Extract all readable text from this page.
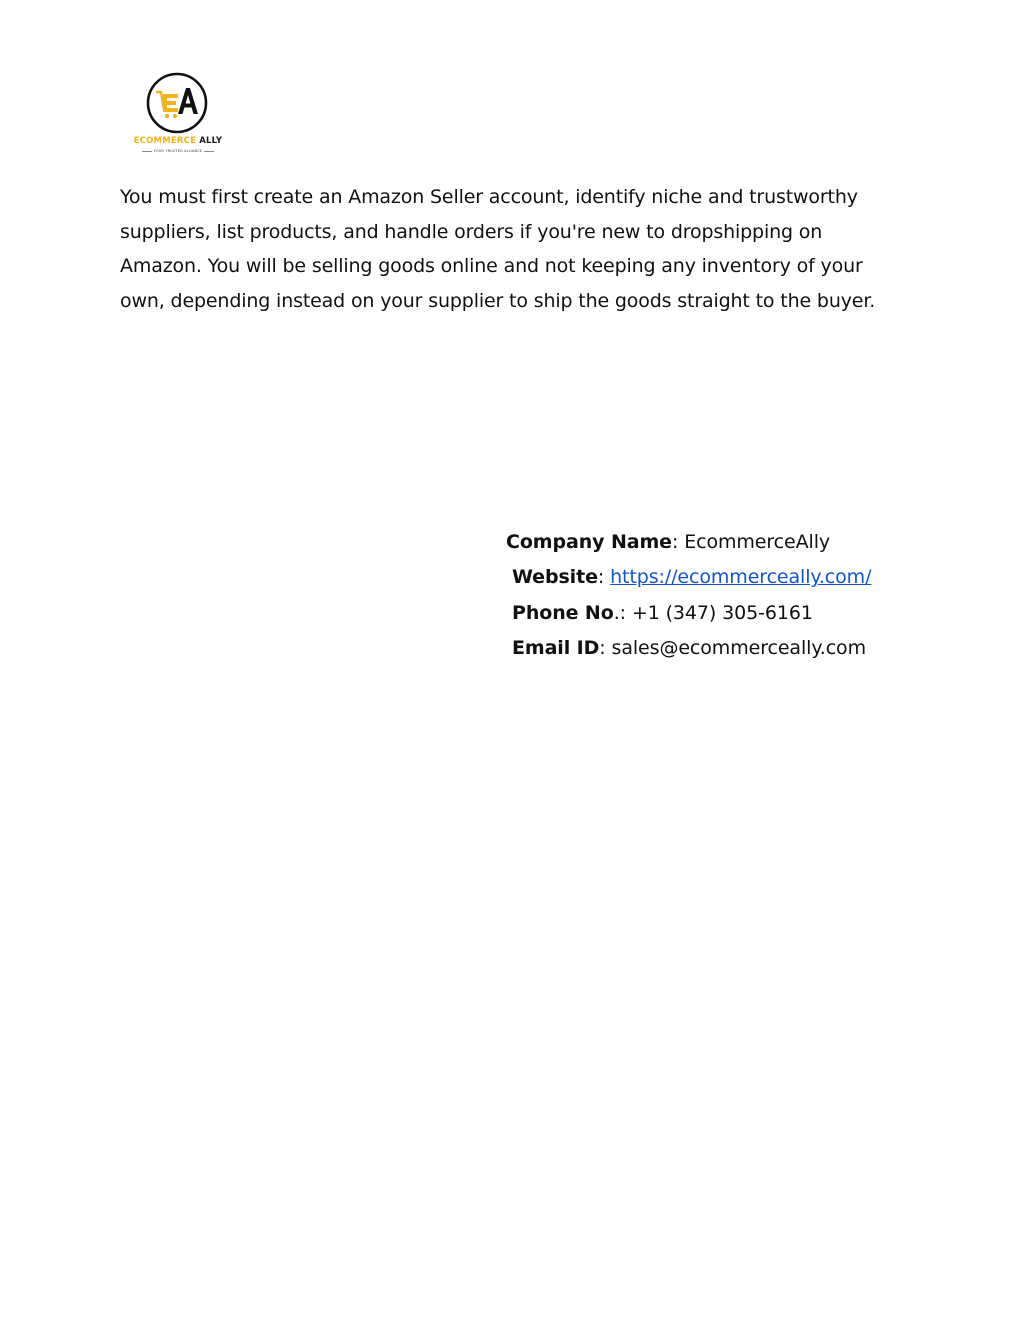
ECOMMERCE ALLY
YOUR TRUSTED ALLIANCE

You must first create an Amazon Seller account, identify niche and trustworthy suppliers, list products, and handle orders if you're new to dropshipping on Amazon. You will be selling goods online and not keeping any inventory of your own, depending instead on your supplier to ship the goods straight to the buyer.

Company Name: EcommerceAlly
Website: https://ecommerceally.com/
Phone No.: +1 (347) 305-6161
Email ID: sales@ecommerceally.com
